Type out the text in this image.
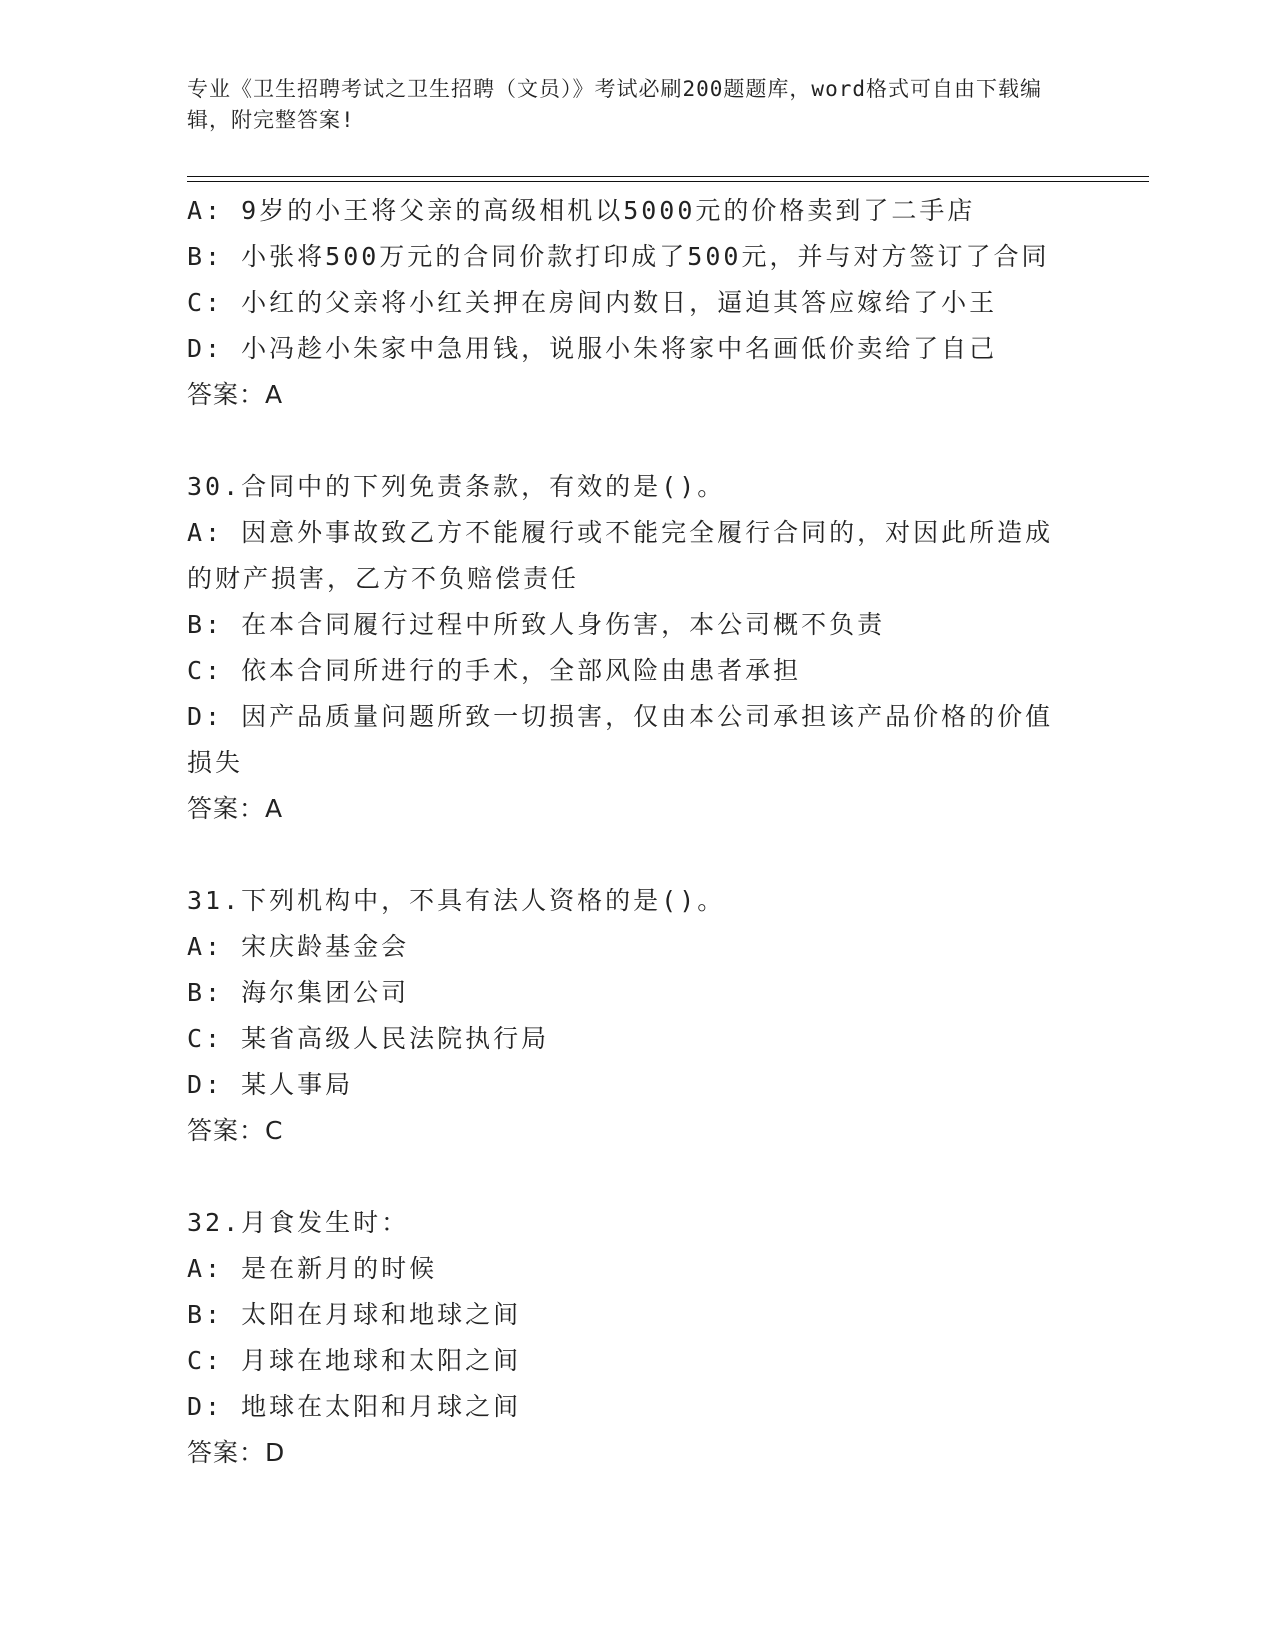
专业《卫生招聘考试之卫生招聘（文员）》考试必刷200题题库，word格式可自由下载编辑，附完整答案!
A: 9岁的小王将父亲的高级相机以5000元的价格卖到了二手店
B: 小张将500万元的合同价款打印成了500元，并与对方签订了合同
C: 小红的父亲将小红关押在房间内数日，逼迫其答应嫁给了小王
D: 小冯趁小朱家中急用钱，说服小朱将家中名画低价卖给了自己
答案：A
30.合同中的下列免责条款，有效的是()。
A: 因意外事故致乙方不能履行或不能完全履行合同的，对因此所造成的财产损害，乙方不负赔偿责任
B: 在本合同履行过程中所致人身伤害，本公司概不负责
C: 依本合同所进行的手术，全部风险由患者承担
D: 因产品质量问题所致一切损害，仅由本公司承担该产品价格的价值损失
答案：A
31.下列机构中，不具有法人资格的是()。
A: 宋庆龄基金会
B: 海尔集团公司
C: 某省高级人民法院执行局
D: 某人事局
答案：C
32.月食发生时：
A: 是在新月的时候
B: 太阳在月球和地球之间
C: 月球在地球和太阳之间
D: 地球在太阳和月球之间
答案：D
